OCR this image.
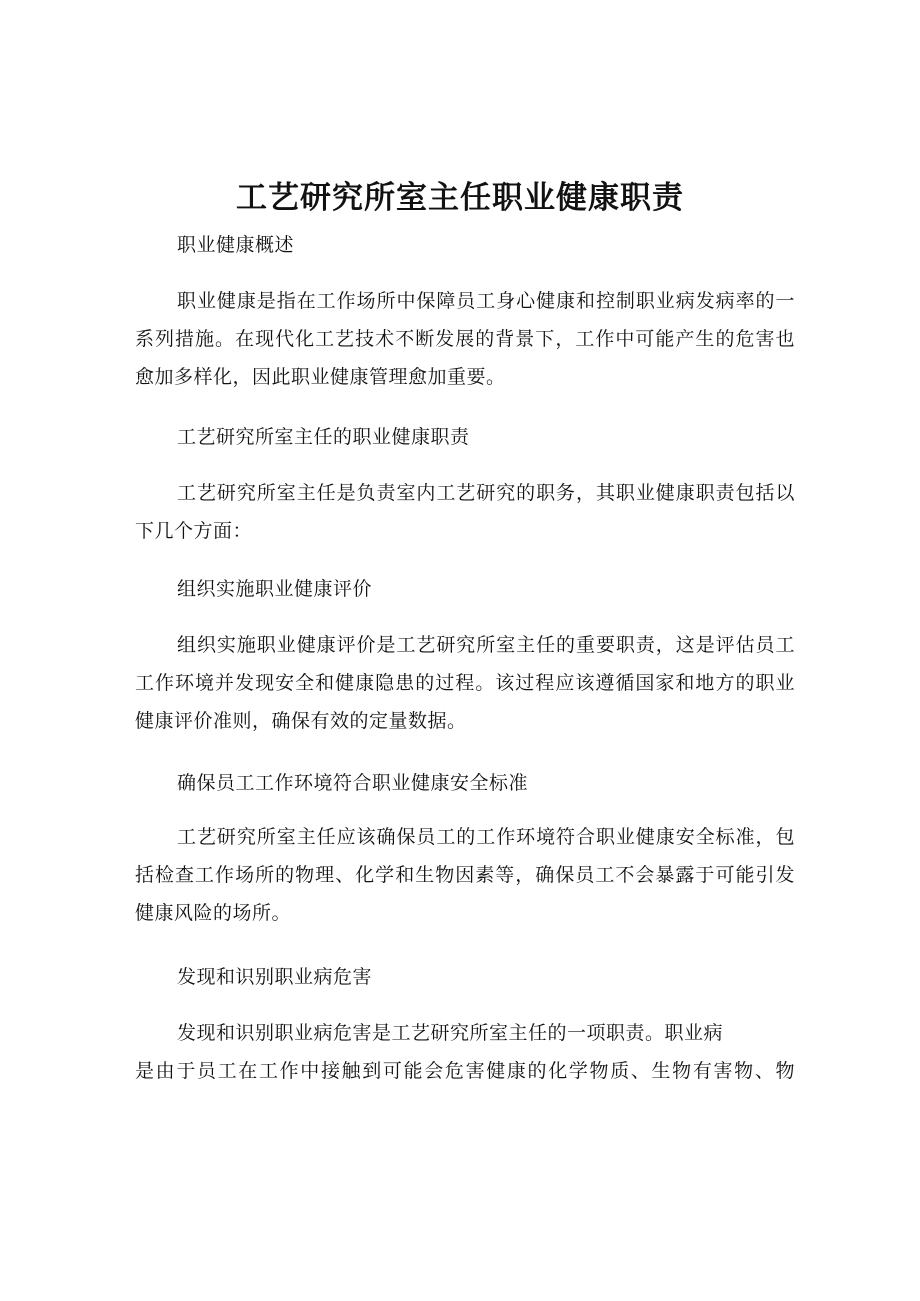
工艺研究所室主任职业健康职责
职业健康概述
职业健康是指在工作场所中保障员工身心健康和控制职业病发病率的一系列措施。在现代化工艺技术不断发展的背景下，工作中可能产生的危害也愈加多样化，因此职业健康管理愈加重要。
工艺研究所室主任的职业健康职责
工艺研究所室主任是负责室内工艺研究的职务，其职业健康职责包括以下几个方面：
组织实施职业健康评价
组织实施职业健康评价是工艺研究所室主任的重要职责，这是评估员工工作环境并发现安全和健康隐患的过程。该过程应该遵循国家和地方的职业健康评价准则，确保有效的定量数据。
确保员工工作环境符合职业健康安全标准
工艺研究所室主任应该确保员工的工作环境符合职业健康安全标准，包括检查工作场所的物理、化学和生物因素等，确保员工不会暴露于可能引发健康风险的场所。
发现和识别职业病危害
发现和识别职业病危害是工艺研究所室主任的一项职责。职业病
是由于员工在工作中接触到可能会危害健康的化学物质、生物有害物、物
